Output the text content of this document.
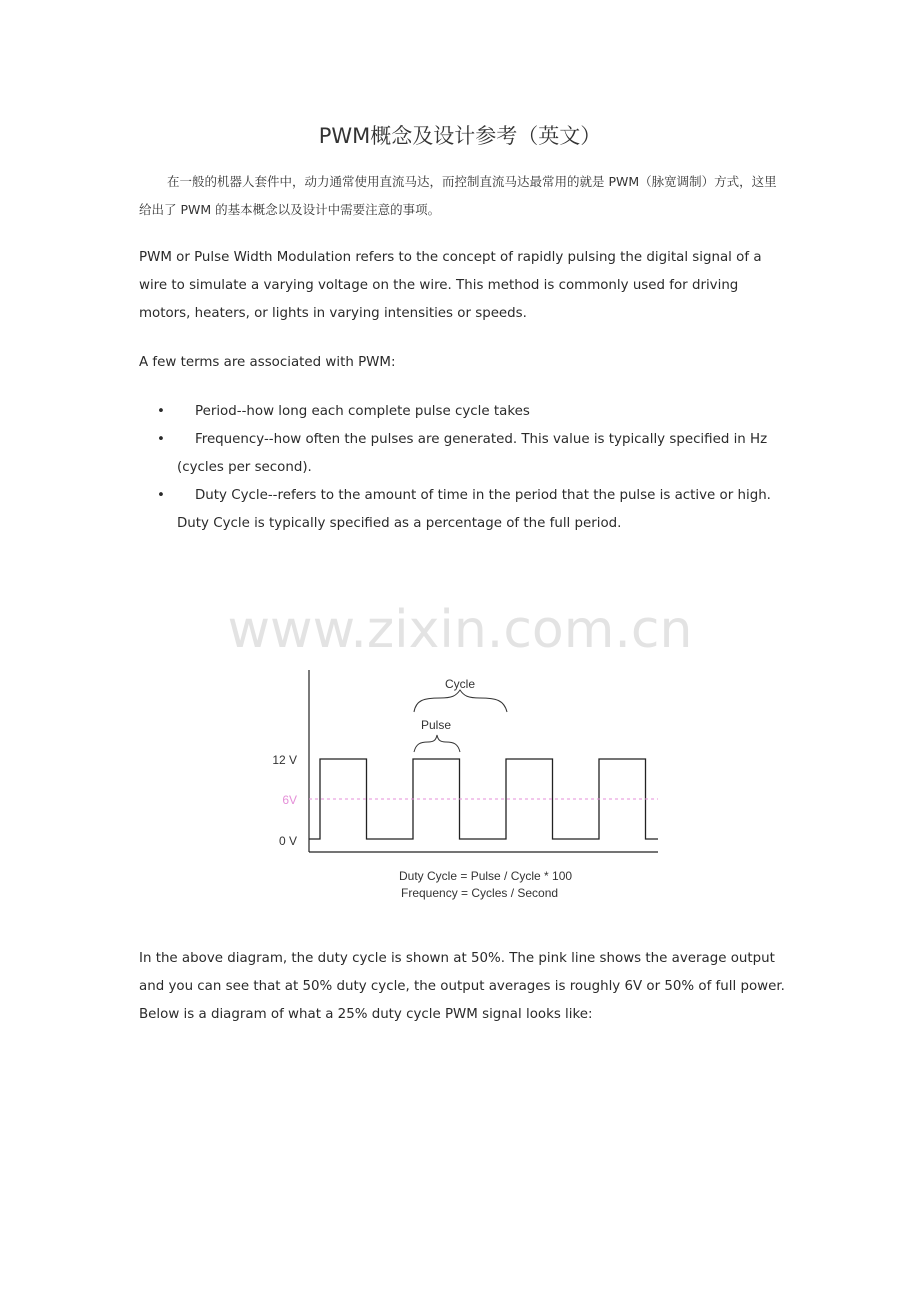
PWM概念及设计参考（英文）

在一般的机器人套件中，动力通常使用直流马达，而控制直流马达最常用的就是 PWM（脉宽调制）方式，这里给出了 PWM 的基本概念以及设计中需要注意的事项。

PWM or Pulse Width Modulation refers to the concept of rapidly pulsing the digital signal of a wire to simulate a varying voltage on the wire. This method is commonly used for driving motors, heaters, or lights in varying intensities or speeds.

A few terms are associated with PWM:

•	Period--how long each complete pulse cycle takes
•	Frequency--how often the pulses are generated. This value is typically specified in Hz (cycles per second).
•	Duty Cycle--refers to the amount of time in the period that the pulse is active or high. Duty Cycle is typically specified as a percentage of the full period.
www.zixin.com.cn
12 V
6V
0 V
Cycle
Pulse
Duty Cycle = Pulse / Cycle * 100
Frequency = Cycles / Second

In the above diagram, the duty cycle is shown at 50%. The pink line shows the average output and you can see that at 50% duty cycle, the output averages is roughly 6V or 50% of full power. Below is a diagram of what a 25% duty cycle PWM signal looks like:
